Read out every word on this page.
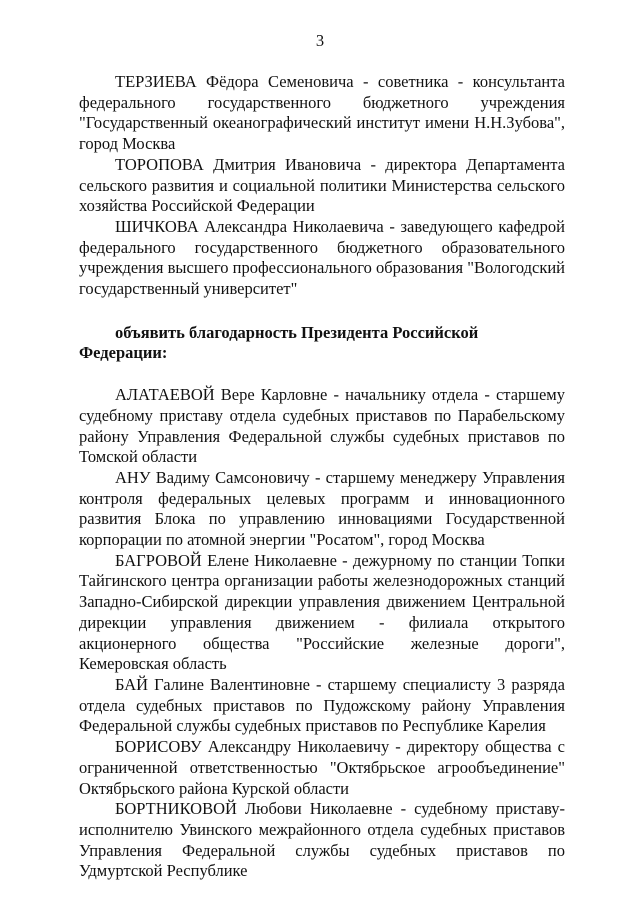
3

ТЕРЗИЕВА Фёдора Семеновича - советника - консультанта федерального государственного бюджетного учреждения "Государственный океанографический институт имени Н.Н.Зубова", город Москва

ТОРОПОВА Дмитрия Ивановича - директора Департамента сельского развития и социальной политики Министерства сельского хозяйства Российской Федерации

ШИЧКОВА Александра Николаевича - заведующего кафедрой федерального государственного бюджетного образовательного учреждения высшего профессионального образования "Вологодский государственный университет"

объявить благодарность Президента Российской Федерации:

АЛАТАЕВОЙ Вере Карловне - начальнику отдела - старшему судебному приставу отдела судебных приставов по Парабельскому району Управления Федеральной службы судебных приставов по Томской области

АНУ Вадиму Самсоновичу - старшему менеджеру Управления контроля федеральных целевых программ и инновационного развития Блока по управлению инновациями Государственной корпорации по атомной энергии "Росатом", город Москва

БАГРОВОЙ Елене Николаевне - дежурному по станции Топки Тайгинского центра организации работы железнодорожных станций Западно-Сибирской дирекции управления движением Центральной дирекции управления движением - филиала открытого акционерного общества "Российские железные дороги", Кемеровская область

БАЙ Галине Валентиновне - старшему специалисту 3 разряда отдела судебных приставов по Пудожскому району Управления Федеральной службы судебных приставов по Республике Карелия

БОРИСОВУ Александру Николаевичу - директору общества с ограниченной ответственностью "Октябрьское агрообъединение" Октябрьского района Курской области

БОРТНИКОВОЙ Любови Николаевне - судебному приставу-исполнителю Увинского межрайонного отдела судебных приставов Управления Федеральной службы судебных приставов по Удмуртской Республике
